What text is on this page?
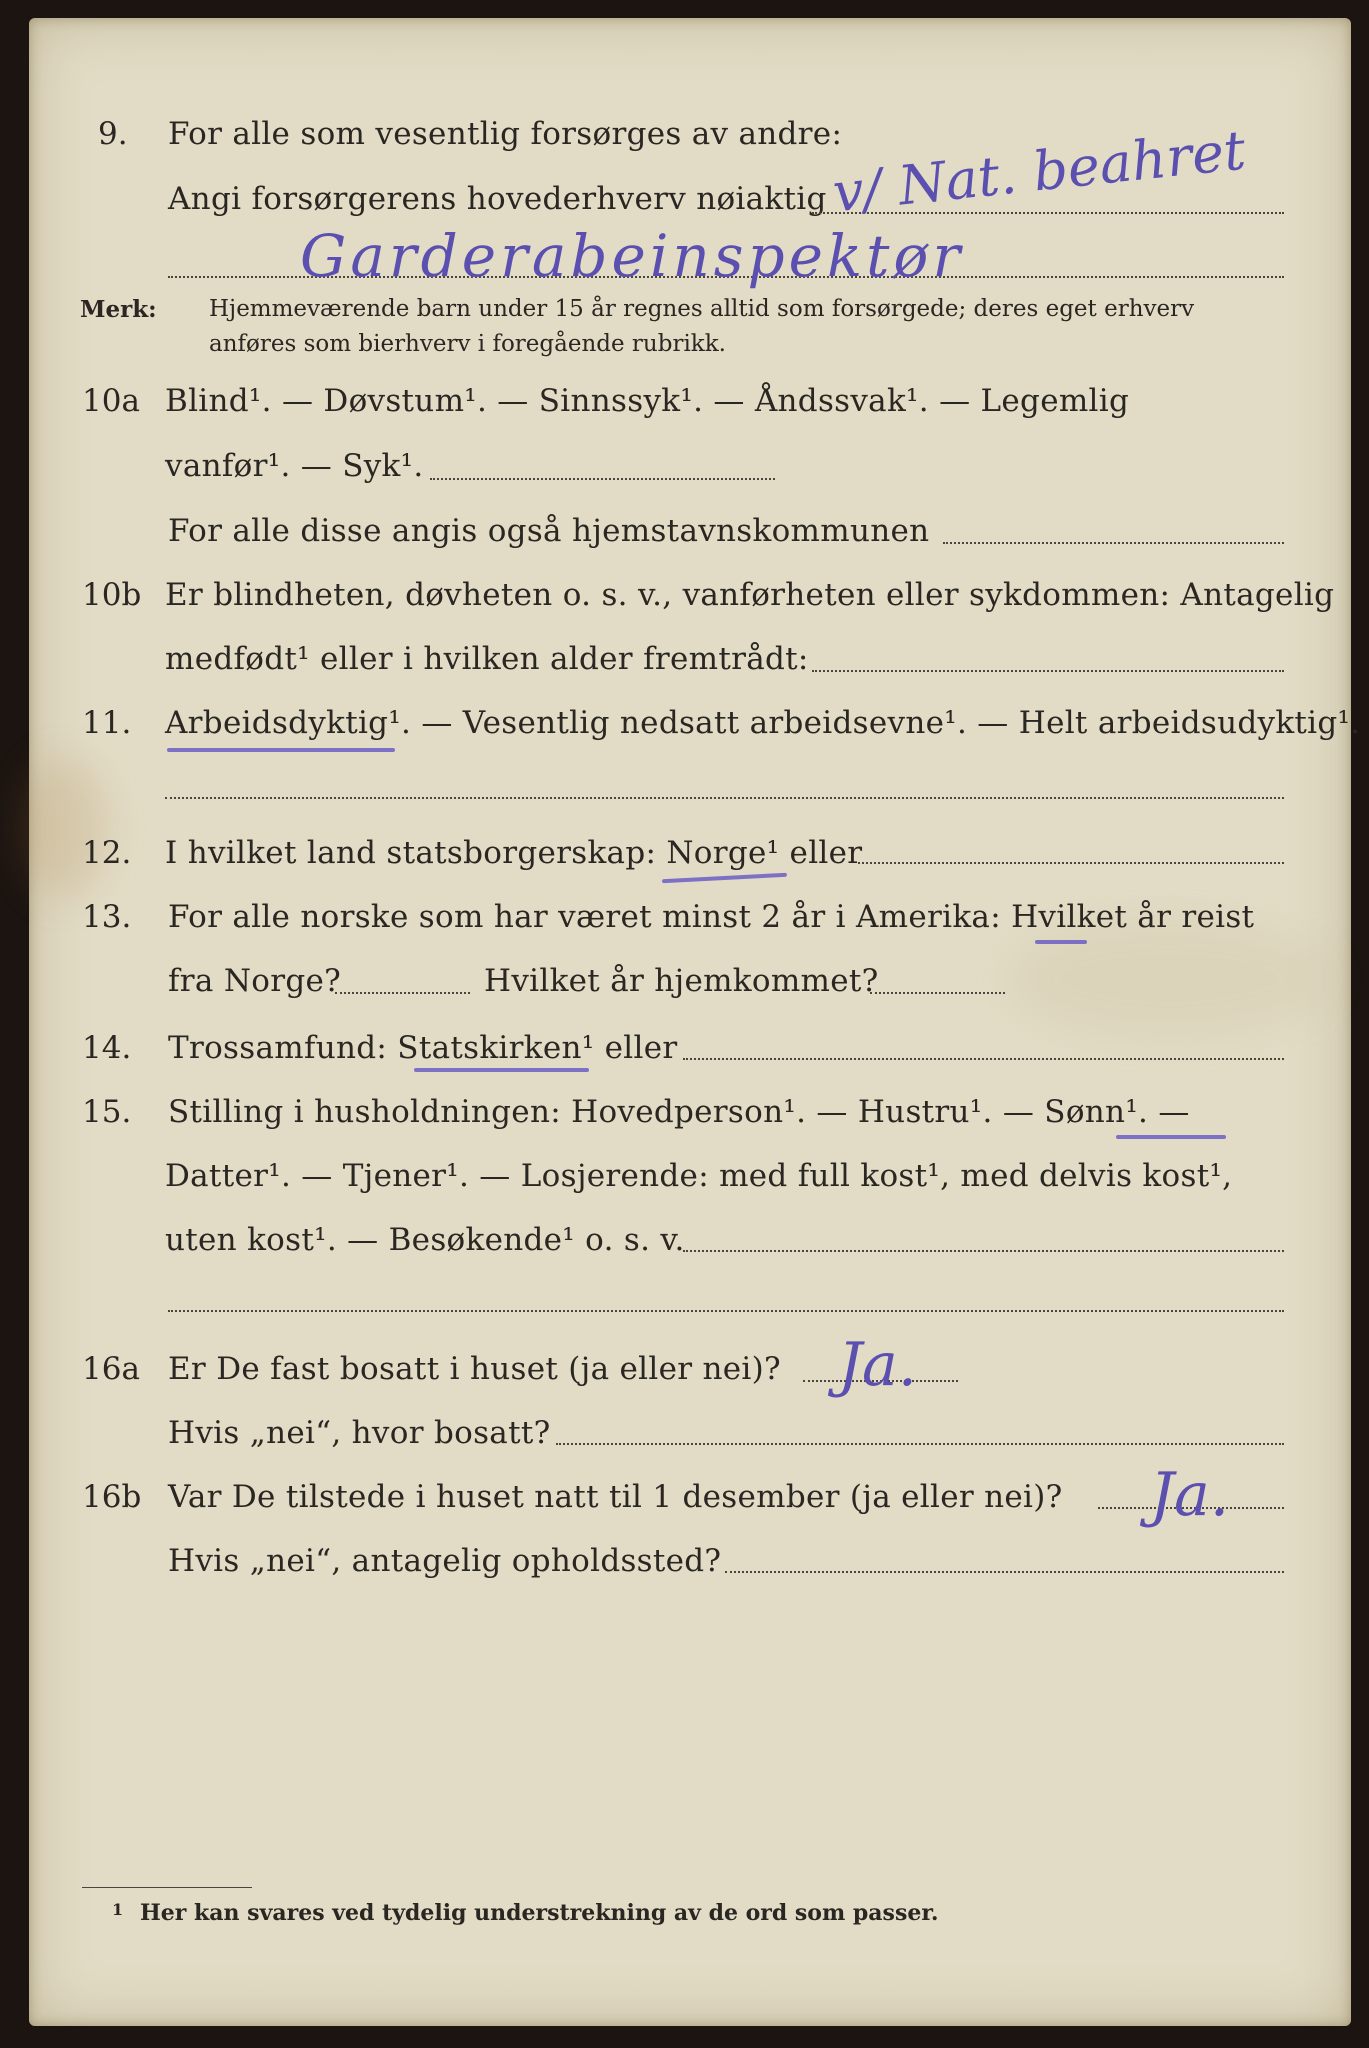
9. For alle som vesentlig forsørges av andre:
Angi forsørgerens hovederhverv nøiaktig v/ Nat. beahret
Garderabeinspektør
Merk: Hjemmeværende barn under 15 år regnes alltid som forsørgede; deres eget erhverv
anføres som bierhverv i foregående rubrikk.
10a Blind¹. — Døvstum¹. — Sinnssyk¹. — Åndssvak¹. — Legemlig
vanfør¹. — Syk¹.
For alle disse angis også hjemstavnskommunen
10b Er blindheten, døvheten o. s. v., vanførheten eller sykdommen: Antagelig
medfødt¹ eller i hvilken alder fremtrådt:
11. Arbeidsdyktig¹. — Vesentlig nedsatt arbeidsevne¹. — Helt arbeidsudyktig¹.
12. I hvilket land statsborgerskap: Norge¹ eller
13. For alle norske som har været minst 2 år i Amerika: Hvilket år reist
fra Norge?	Hvilket år hjemkommet?
14. Trossamfund: Statskirken¹ eller
15. Stilling i husholdningen: Hovedperson¹. — Hustru¹. — Sønn¹. —
Datter¹. — Tjener¹. — Losjerende: med full kost¹, med delvis kost¹,
uten kost¹. — Besøkende¹ o. s. v.
16a Er De fast bosatt i huset (ja eller nei)? Ja.
Hvis „nei“, hvor bosatt?
16b Var De tilstede i huset natt til 1 desember (ja eller nei)? Ja.
Hvis „nei“, antagelig opholdssted?
1 Her kan svares ved tydelig understrekning av de ord som passer.
